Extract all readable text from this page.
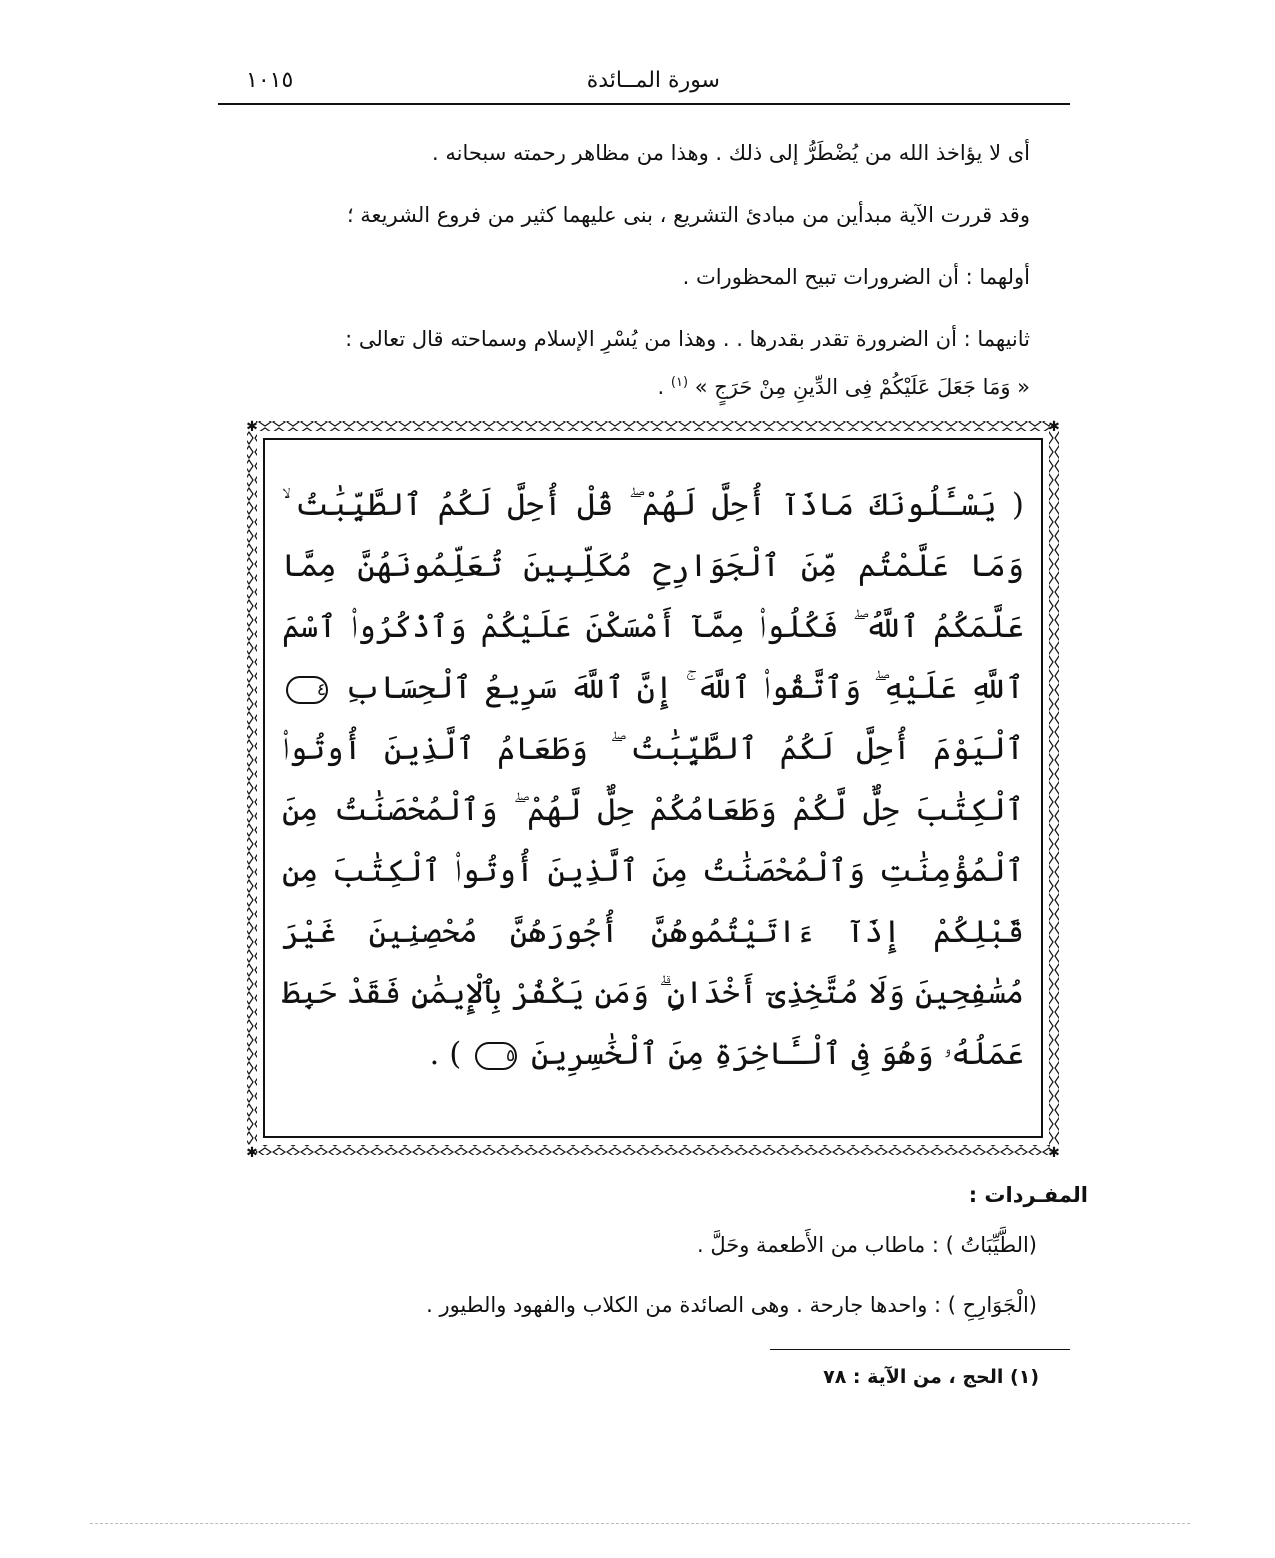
سورة المــائدة
١٠١٥

أى لا يؤاخذ الله من يُضْطَرُّ إلى ذلك . وهذا من مظاهر رحمته سبحانه .

وقد قررت الآية مبدأين من مبادئ التشريع ، بنى عليهما كثير من فروع الشريعة ؛

أولهما : أن الضرورات تبيح المحظورات .

ثانيهما : أن الضرورة تقدر بقدرها . . وهذا من يُسْرِ الإسلام وسماحته قال تعالى :

« وَمَا جَعَلَ عَلَيْكُمْ فِى الدِّينِ مِنْ حَرَجٍ » $^{(١)}$ .

✱	✱
✱	✱
( يَسْـَٔلُونَكَ مَاذَآ أُحِلَّ لَهُمْ ۖ قُلْ أُحِلَّ لَكُمُ ٱلطَّيِّبَٰتُ ۙ وَمَا عَلَّمْتُم مِّنَ ٱلْجَوَارِحِ مُكَلِّبِينَ تُعَلِّمُونَهُنَّ مِمَّا عَلَّمَكُمُ ٱللَّهُ ۖ فَكُلُوا۟ مِمَّآ أَمْسَكْنَ عَلَيْكُمْ وَٱذْكُرُوا۟ ٱسْمَ ٱللَّهِ عَلَيْهِ ۖ وَٱتَّقُوا۟ ٱللَّهَ ۚ إِنَّ ٱللَّهَ سَرِيعُ ٱلْحِسَابِ ٤ ٱلْيَوْمَ أُحِلَّ لَكُمُ ٱلطَّيِّبَٰتُ ۖ وَطَعَامُ ٱلَّذِينَ أُوتُوا۟ ٱلْكِتَٰبَ حِلٌّ لَّكُمْ وَطَعَامُكُمْ حِلٌّ لَّهُمْ ۖ وَٱلْمُحْصَنَٰتُ مِنَ ٱلْمُؤْمِنَٰتِ وَٱلْمُحْصَنَٰتُ مِنَ ٱلَّذِينَ أُوتُوا۟ ٱلْكِتَٰبَ مِن قَبْلِكُمْ إِذَآ ءَاتَيْتُمُوهُنَّ أُجُورَهُنَّ مُحْصِنِينَ غَيْرَ مُسَٰفِحِينَ وَلَا مُتَّخِذِىٓ أَخْدَانٍ ۗ وَمَن يَكْفُرْ بِٱلْإِيمَٰنِ فَقَدْ حَبِطَ عَمَلُهُۥ وَهُوَ فِى ٱلْـَٔاخِرَةِ مِنَ ٱلْخَٰسِرِينَ ٥ ) .
المفـردات :
(الطَّيِّبَاتُ ) : ماطاب من الأَطعمة وحَلَّ .
(الْجَوَارِحِ ) : واحدها جارحة . وهى الصائدة من الكلاب والفهود والطيور .
(١) الحج ، من الآية : ٧٨
